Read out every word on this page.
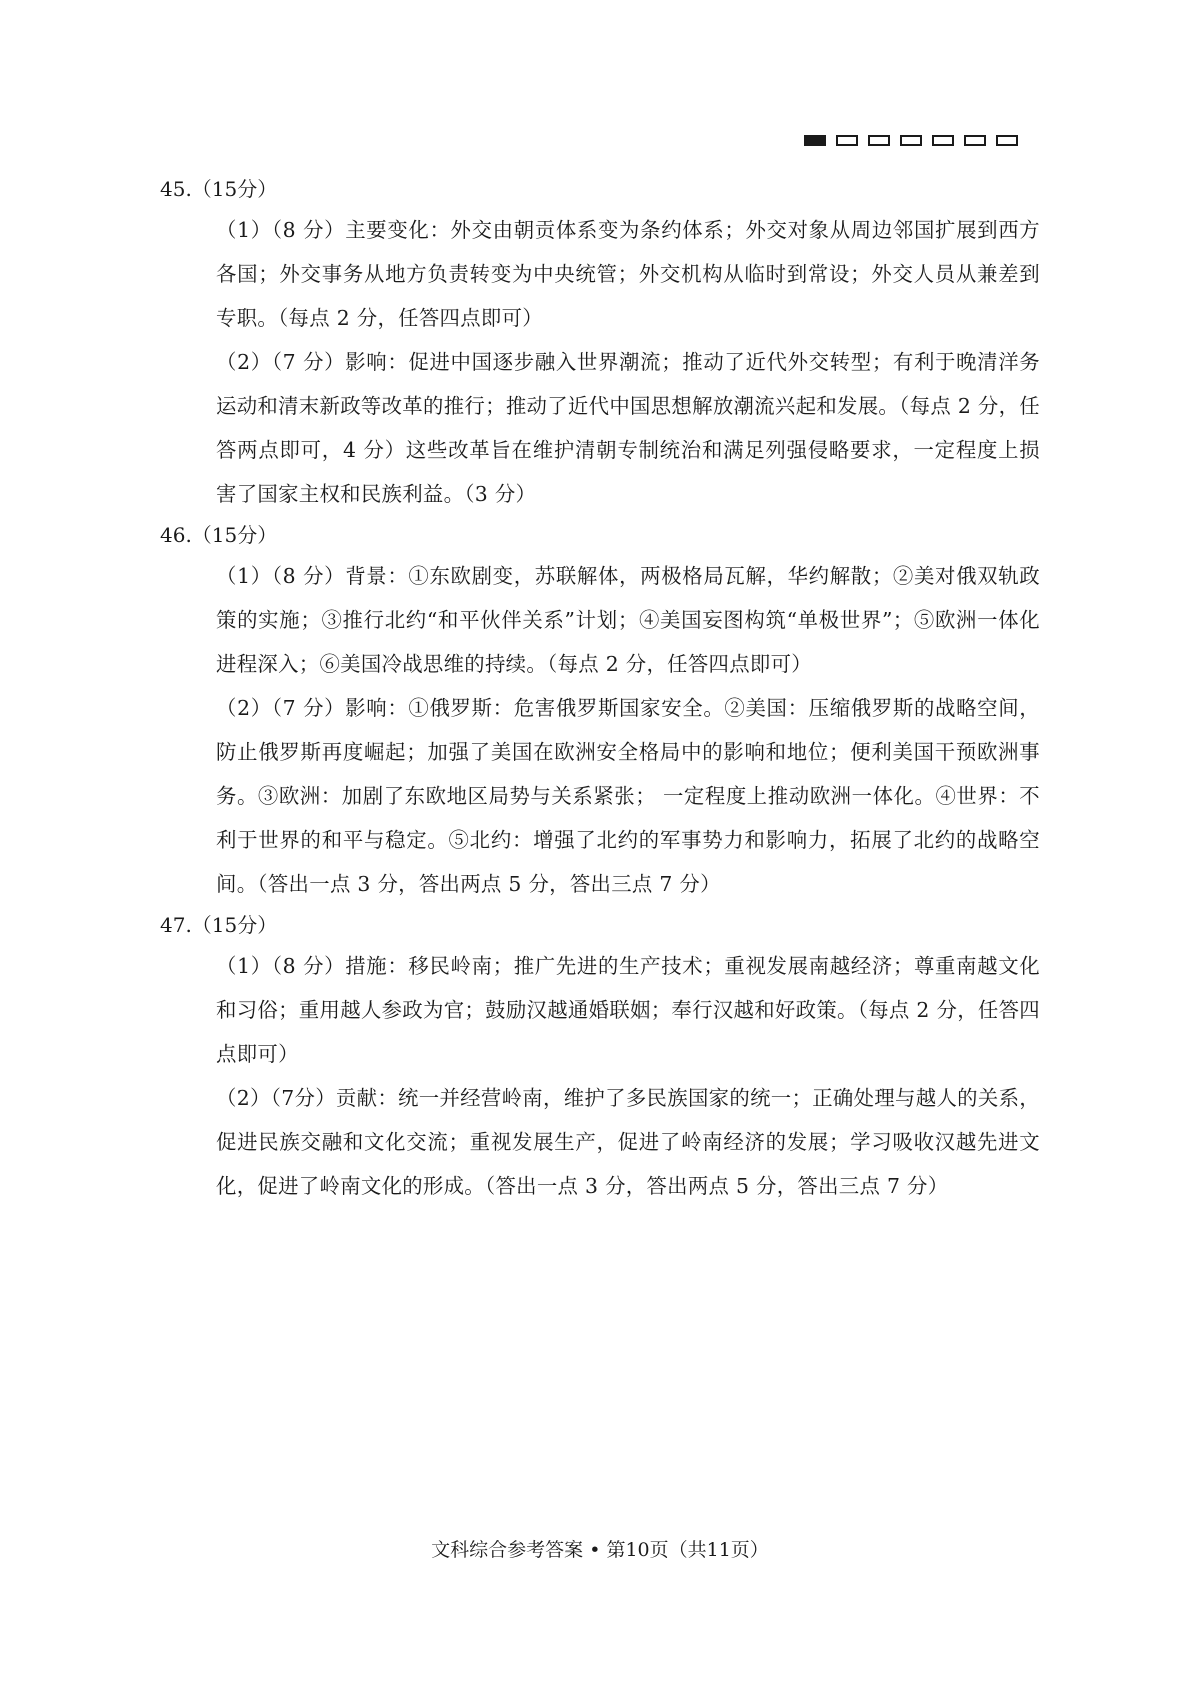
45.（15分）

（1）（8 分）主要变化：外交由朝贡体系变为条约体系；外交对象从周边邻国扩展到西方各国；外交事务从地方负责转变为中央统管；外交机构从临时到常设；外交人员从兼差到专职。（每点 2 分，任答四点即可）

（2）（7 分）影响：促进中国逐步融入世界潮流；推动了近代外交转型；有利于晚清洋务运动和清末新政等改革的推行；推动了近代中国思想解放潮流兴起和发展。（每点 2 分，任答两点即可，4 分）这些改革旨在维护清朝专制统治和满足列强侵略要求，一定程度上损害了国家主权和民族利益。（3 分）

46.（15分）

（1）（8 分）背景：①东欧剧变，苏联解体，两极格局瓦解，华约解散；②美对俄双轨政策的实施；③推行北约“和平伙伴关系”计划；④美国妄图构筑“单极世界”；⑤欧洲一体化进程深入；⑥美国冷战思维的持续。（每点 2 分，任答四点即可）

（2）（7 分）影响：①俄罗斯：危害俄罗斯国家安全。②美国：压缩俄罗斯的战略空间，防止俄罗斯再度崛起；加强了美国在欧洲安全格局中的影响和地位；便利美国干预欧洲事务。③欧洲：加剧了东欧地区局势与关系紧张； 一定程度上推动欧洲一体化。④世界：不利于世界的和平与稳定。⑤北约：增强了北约的军事势力和影响力，拓展了北约的战略空间。（答出一点 3 分，答出两点 5 分，答出三点 7 分）

47.（15分）

（1）（8 分）措施：移民岭南；推广先进的生产技术；重视发展南越经济；尊重南越文化和习俗；重用越人参政为官；鼓励汉越通婚联姻；奉行汉越和好政策。（每点 2 分，任答四点即可）

（2）（7分）贡献：统一并经营岭南，维护了多民族国家的统一；正确处理与越人的关系，促进民族交融和文化交流；重视发展生产，促进了岭南经济的发展；学习吸收汉越先进文化，促进了岭南文化的形成。（答出一点 3 分，答出两点 5 分，答出三点 7 分）

文科综合参考答案 • 第10页（共11页）
